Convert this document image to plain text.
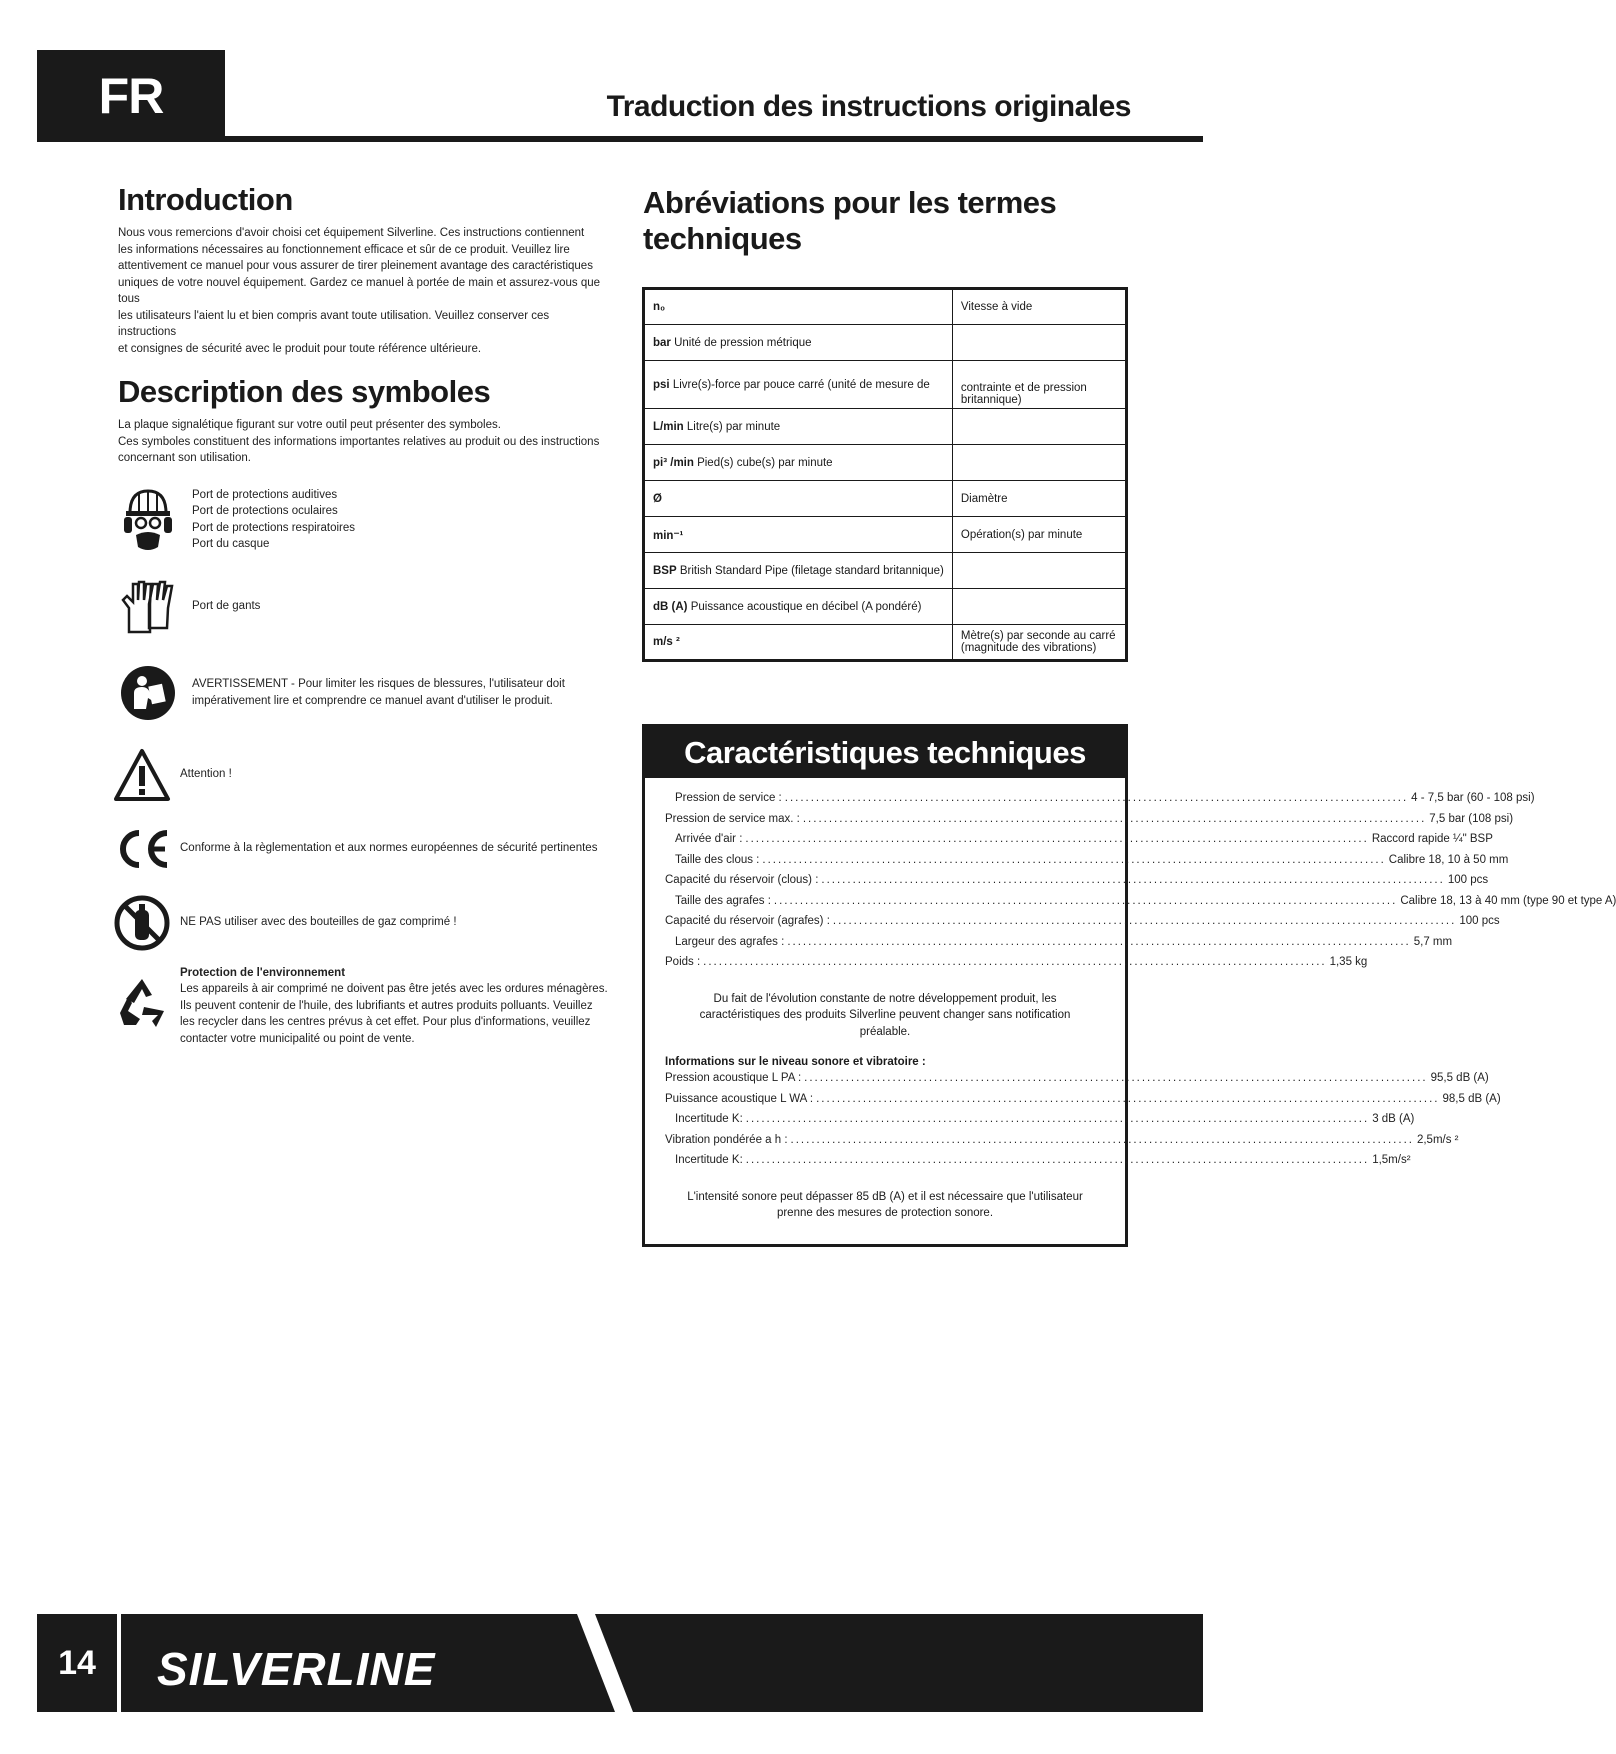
FR	Traduction des instructions originales
Introduction
Nous vous remercions d'avoir choisi cet équipement Silverline. Ces instructions contiennent
les informations nécessaires au fonctionnement efficace et sûr de ce produit. Veuillez lire
attentivement ce manuel pour vous assurer de tirer pleinement avantage des caractéristiques
uniques de votre nouvel équipement. Gardez ce manuel à portée de main et assurez-vous que tous
les utilisateurs l'aient lu et bien compris avant toute utilisation. Veuillez conserver ces instructions
et consignes de sécurité avec le produit pour toute référence ultérieure.
Description des symboles
La plaque signalétique figurant sur votre outil peut présenter des symboles.
Ces symboles constituent des informations importantes relatives au produit ou des instructions
concernant son utilisation.
Port de protections auditives
Port de protections oculaires
Port de protections respiratoires
Port du casque
Port de gants
AVERTISSEMENT - Pour limiter les risques de blessures, l'utilisateur doit
impérativement lire et comprendre ce manuel avant d'utiliser le produit.
Attention !
Conforme à la règlementation et aux normes européennes de sécurité pertinentes
NE PAS utiliser avec des bouteilles de gaz comprimé !
Protection de l'environnement
Les appareils à air comprimé ne doivent pas être jetés avec les ordures ménagères.
Ils peuvent contenir de l'huile, des lubrifiants et autres produits polluants. Veuillez
les recycler dans les centres prévus à cet effet. Pour plus d'informations, veuillez
contacter votre municipalité ou point de vente.
Abréviations pour les termes techniques
n₀	Vitesse à vide
bar Unité de pression métrique	
psi Livre(s)-force par pouce carré (unité de mesure de	contrainte et de pression britannique)
L/min Litre(s) par minute	
pi³ /min Pied(s) cube(s) par minute	
Ø	Diamètre
min⁻¹	Opération(s) par minute
BSP British Standard Pipe (filetage standard britannique)	
dB (A) Puissance acoustique en décibel (A pondéré)	
m/s ²	Mètre(s) par seconde au carré (magnitude des vibrations)
Caractéristiques techniques
Pression de service : ........................................................................................................................ 4 - 7,5 bar (60 - 108 psi)
Pression de service max. : ........................................................................................................................ 7,5 bar (108 psi)
Arrivée d'air : ........................................................................................................................ Raccord rapide ¼" BSP
Taille des clous : ........................................................................................................................ Calibre 18, 10 à 50 mm
Capacité du réservoir (clous) : ........................................................................................................................ 100 pcs
Taille des agrafes : ........................................................................................................................ Calibre 18, 13 à 40 mm (type 90 et type A)
Capacité du réservoir (agrafes) : ........................................................................................................................ 100 pcs
Largeur des agrafes : ........................................................................................................................ 5,7 mm
Poids : ........................................................................................................................ 1,35 kg
Du fait de l'évolution constante de notre développement produit, les
caractéristiques des produits Silverline peuvent changer sans notification préalable.
Informations sur le niveau sonore et vibratoire :
Pression acoustique L PA : ........................................................................................................................ 95,5 dB (A)
Puissance acoustique L WA : ........................................................................................................................ 98,5 dB (A)
Incertitude K: ........................................................................................................................ 3 dB (A)
Vibration pondérée a h : ........................................................................................................................ 2,5m/s ²
Incertitude K: ........................................................................................................................ 1,5m/s²
L'intensité sonore peut dépasser 85 dB (A) et il est nécessaire que l'utilisateur
prenne des mesures de protection sonore.
14	SILVERLINE
